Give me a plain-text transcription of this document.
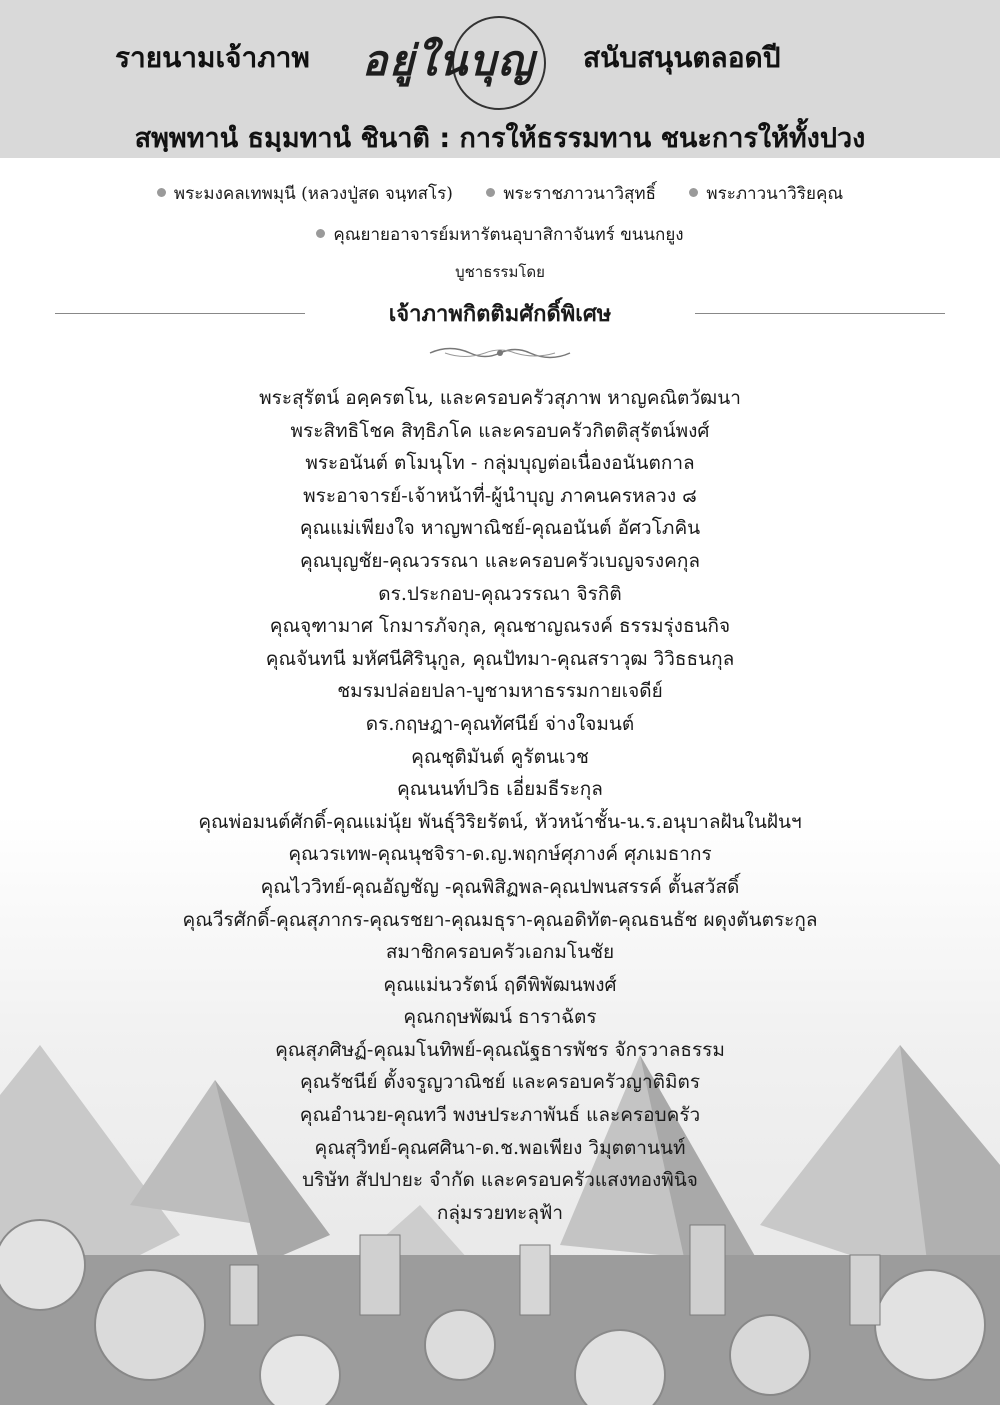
รายนามเจ้าภาพ อยู่ในบุญ สนับสนุนตลอดปี
สพฺพทานํ ธมฺมทานํ ชินาติ : การให้ธรรมทาน ชนะการให้ทั้งปวง
พระมงคลเทพมุนี (หลวงปู่สด จนฺทสโร)	พระราชภาวนาวิสุทธิ์	พระภาวนาวิริยคุณ
คุณยายอาจารย์มหารัตนอุบาสิกาจันทร์ ขนนกยูง
บูชาธรรมโดย
เจ้าภาพกิตติมศักดิ์พิเศษ
พระสุรัตน์ อคฺครตโน, และครอบครัวสุภาพ หาญคณิตวัฒนา
พระสิทธิโชค สิทฺธิภโค และครอบครัวกิตติสุรัตน์พงศ์
พระอนันต์ ตโมนุโท - กลุ่มบุญต่อเนื่องอนันตกาล
พระอาจารย์-เจ้าหน้าที่-ผู้นำบุญ ภาคนครหลวง ๘
คุณแม่เพียงใจ หาญพาณิชย์-คุณอนันต์ อัศวโภคิน
คุณบุญชัย-คุณวรรณา และครอบครัวเบญจรงคกุล
ดร.ประกอบ-คุณวรรณา จิรกิติ
คุณจุฑามาศ โกมารภัจกุล, คุณชาญณรงค์ ธรรมรุ่งธนกิจ
คุณจันทนี มหัศนีศิรินุกูล, คุณปัทมา-คุณสราวุฒ วิวิธธนกุล
ชมรมปล่อยปลา-บูชามหาธรรมกายเจดีย์
ดร.กฤษฎา-คุณทัศนีย์ จ่างใจมนต์
คุณชุติมันต์ คูรัตนเวช
คุณนนท์ปวิธ เอี่ยมธีระกุล
คุณพ่อมนต์ศักดิ์-คุณแม่นุ้ย พันธุ์วิริยรัตน์, หัวหน้าชั้น-น.ร.อนุบาลฝันในฝันฯ
คุณวรเทพ-คุณนุชจิรา-ด.ญ.พฤกษ์ศุภางค์ ศุภเมธากร
คุณไววิทย์-คุณอัญชัญ -คุณพิสิฏพล-คุณปพนสรรค์ ตั้นสวัสดิ์
คุณวีรศักดิ์-คุณสุภากร-คุณรชยา-คุณมธุรา-คุณอดิทัต-คุณธนธัช ผดุงตันตระกูล
สมาชิกครอบครัวเอกมโนชัย
คุณแม่นวรัตน์ ฤดีพิพัฒนพงศ์
คุณกฤษพัฒน์ ธาราฉัตร
คุณสุภศิษฏ์-คุณมโนทิพย์-คุณณัฐธารพัชร จักรวาลธรรม
คุณรัชนีย์ ตั้งจรูญวาณิชย์ และครอบครัวญาติมิตร
คุณอำนวย-คุณทวี พงษประภาพันธ์ และครอบครัว
คุณสุวิทย์-คุณศศินา-ด.ช.พอเพียง วิมุตตานนท์
บริษัท สัปปายะ จำกัด และครอบครัวแสงทองพินิจ
กลุ่มรวยทะลุฟ้า
